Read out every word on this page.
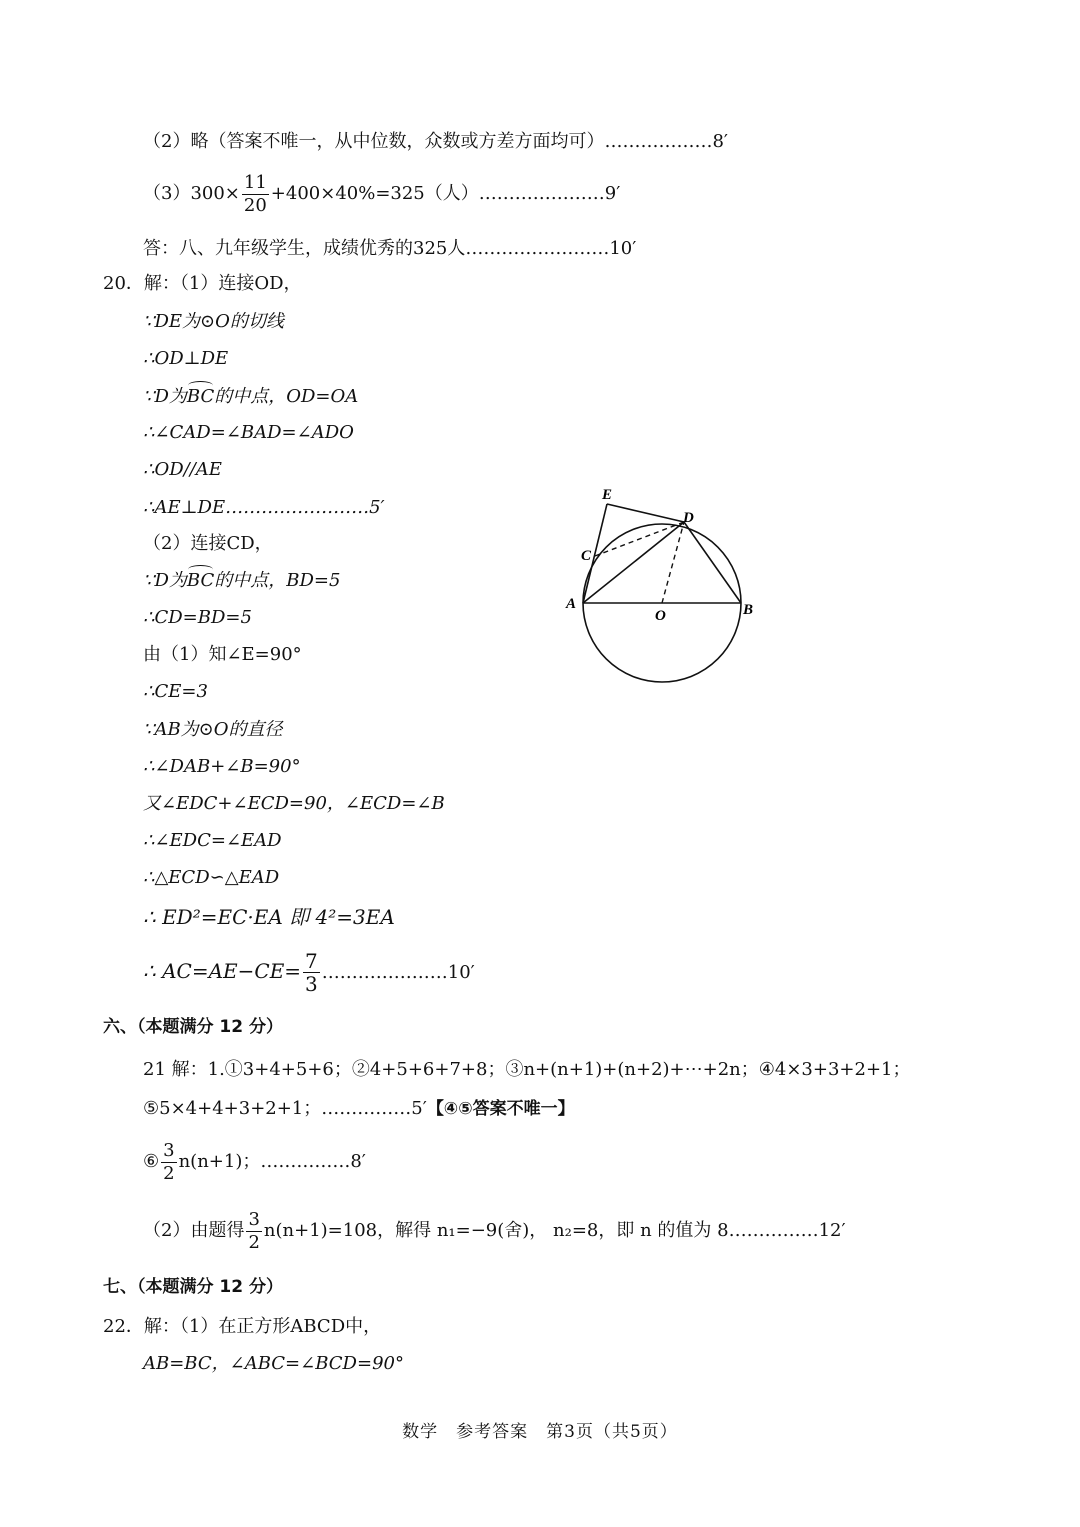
（2）略（答案不唯一，从中位数，众数或方差方面均可）………………8′
$(3)300\times \frac{11}{20} +400\times 40\%=325$（人）…………………9′
答：八、九年级学生，成绩优秀的325人……………………10′
20．解：（1）连接OD，
∵DE为⊙O的切线
∴OD⊥DE
∵D为BC的中点，OD=OA
∴∠CAD=∠BAD=∠ADO
∴OD//AE
∴AE⊥DE……………………5′
（2）连接CD，
∵D为BC的中点，BD=5
∴CD=BD=5
由（1）知∠E=90°
∴CE=3
∵AB为⊙O的直径
∴∠DAB+∠B=90°
又∠EDC+∠ECD=90，∠ECD=∠B
∴∠EDC=∠EAD
∴△ECD∽△EAD
∴ ED²=EC·EA 即 4²=3EA
∴ $AC=AE-CE= \frac{7}{3}$ …………………10′
E
D
C
A
O	B
六、（本题满分 12 分）
21 解：1.①3+4+5+6；②4+5+6+7+8；③n+(n+1)+(n+2)+⋯+2n；④4×3+3+2+1；
⑤5×4+4+3+2+1；……………5′【④⑤答案不唯一】
⑥ $\frac{3}{2} n(n+1)$；……………8′
（2）由题得 $\frac{3}{2} n(n+1)=108$，解得 n₁=−9(舍)， n₂=8，即 n 的值为 8……………12′
七、（本题满分 12 分）
22．解：（1）在正方形ABCD中，
AB=BC，∠ABC=∠BCD=90°
数学　参考答案　第3页（共5页）
